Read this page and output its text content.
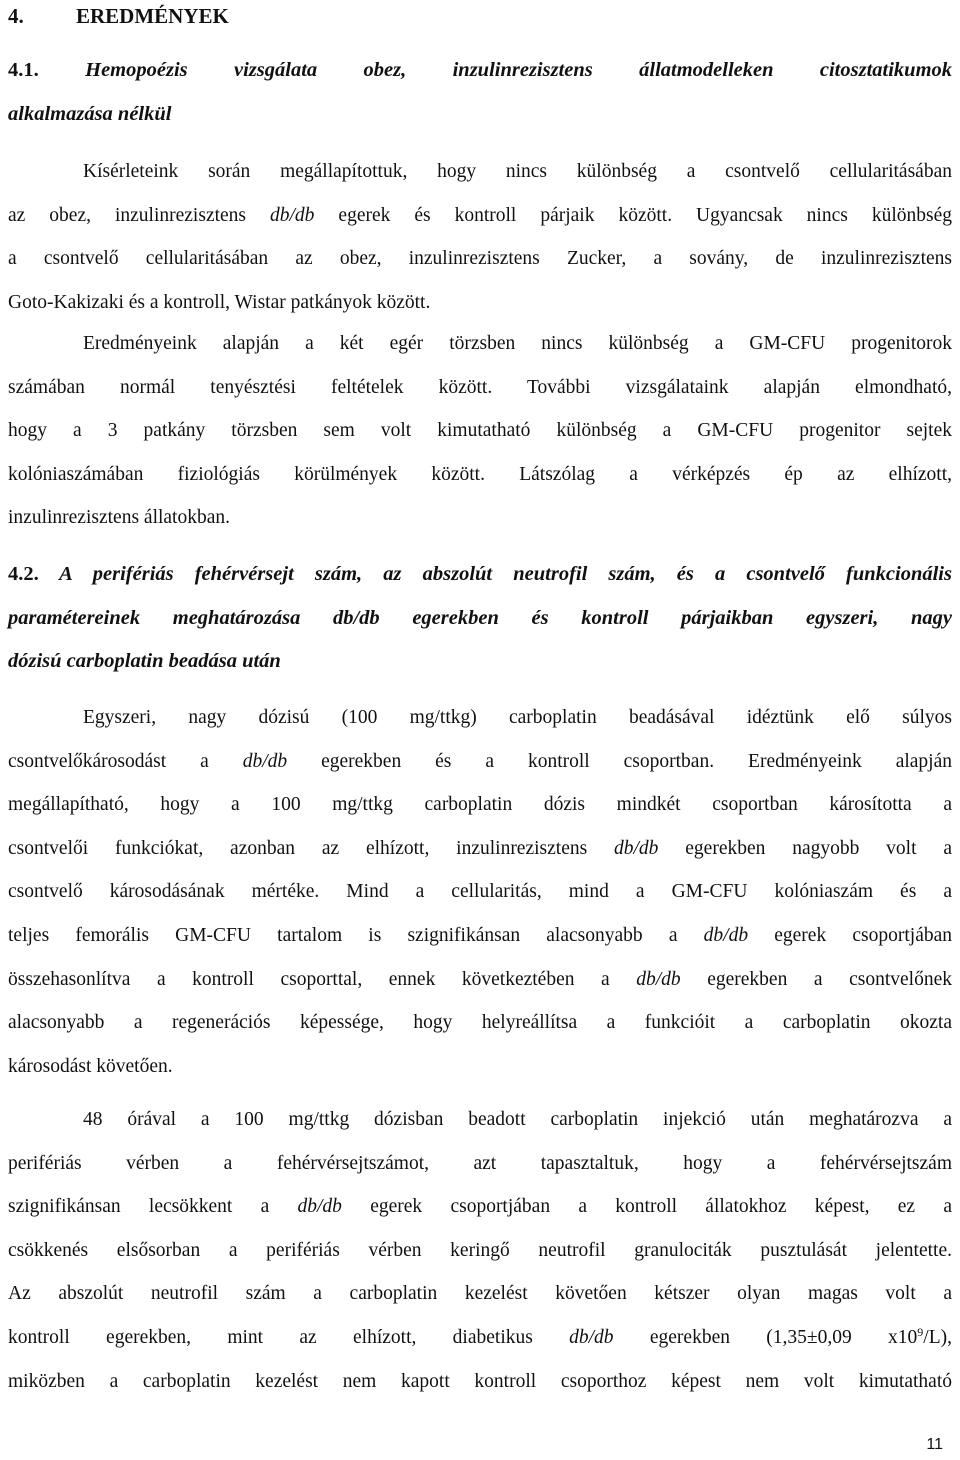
4. EREDMÉNYEK
4.1. Hemopoézis vizsgálata obez, inzulinrezisztens állatmodelleken citosztatikumok
alkalmazása nélkül
Kísérleteink során megállapítottuk, hogy nincs különbség a csontvelő cellularitásában
az obez, inzulinrezisztens db/db egerek és kontroll párjaik között. Ugyancsak nincs különbség
a csontvelő cellularitásában az obez, inzulinrezisztens Zucker, a sovány, de inzulinrezisztens
Goto-Kakizaki és a kontroll, Wistar patkányok között.
Eredményeink alapján a két egér törzsben nincs különbség a GM-CFU progenitorok
számában normál tenyésztési feltételek között. További vizsgálataink alapján elmondható,
hogy a 3 patkány törzsben sem volt kimutatható különbség a GM-CFU progenitor sejtek
kolóniaszámában fiziológiás körülmények között. Látszólag a vérképzés ép az elhízott,
inzulinrezisztens állatokban.
4.2. A perifériás fehérvérsejt szám, az abszolút neutrofil szám, és a csontvelő funkcionális
paramétereinek meghatározása db/db egerekben és kontroll párjaikban egyszeri, nagy
dózisú carboplatin beadása után
Egyszeri, nagy dózisú (100 mg/ttkg) carboplatin beadásával idéztünk elő súlyos
csontvelőkárosodást a db/db egerekben és a kontroll csoportban. Eredményeink alapján
megállapítható, hogy a 100 mg/ttkg carboplatin dózis mindkét csoportban károsította a
csontvelői funkciókat, azonban az elhízott, inzulinrezisztens db/db egerekben nagyobb volt a
csontvelő károsodásának mértéke. Mind a cellularitás, mind a GM-CFU kolóniaszám és a
teljes femorális GM-CFU tartalom is szignifikánsan alacsonyabb a db/db egerek csoportjában
összehasonlítva a kontroll csoporttal, ennek következtében a db/db egerekben a csontvelőnek
alacsonyabb a regenerációs képessége, hogy helyreállítsa a funkcióit a carboplatin okozta
károsodást követően.
48 órával a 100 mg/ttkg dózisban beadott carboplatin injekció után meghatározva a
perifériás vérben a fehérvérsejtszámot, azt tapasztaltuk, hogy a fehérvérsejtszám
szignifikánsan lecsökkent a db/db egerek csoportjában a kontroll állatokhoz képest, ez a
csökkenés elsősorban a perifériás vérben keringő neutrofil granulociták pusztulását jelentette.
Az abszolút neutrofil szám a carboplatin kezelést követően kétszer olyan magas volt a
kontroll egerekben, mint az elhízott, diabetikus db/db egerekben (1,35±0,09 $x10^9/L$),
miközben a carboplatin kezelést nem kapott kontroll csoporthoz képest nem volt kimutatható
11
